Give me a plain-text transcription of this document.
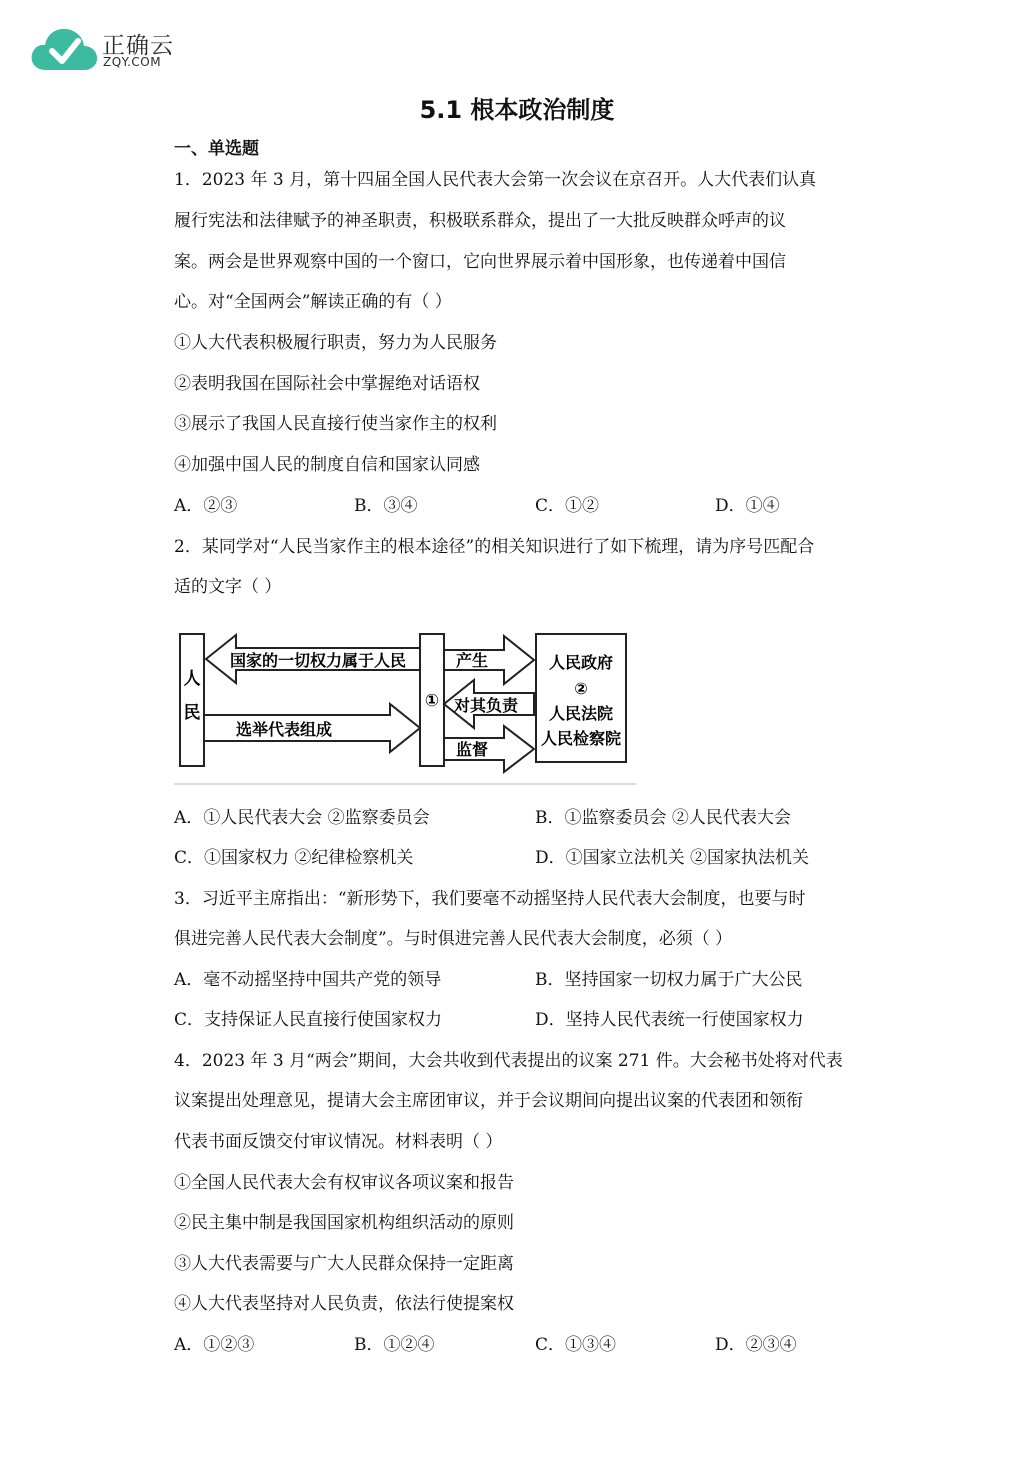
正确云
ZQY.COM
5.1 根本政治制度
一、单选题
1．2023 年 3 月，第十四届全国人民代表大会第一次会议在京召开。人大代表们认真
履行宪法和法律赋予的神圣职责，积极联系群众，提出了一大批反映群众呼声的议
案。两会是世界观察中国的一个窗口，它向世界展示着中国形象，也传递着中国信
心。对“全国两会”解读正确的有（ ）
①人大代表积极履行职责，努力为人民服务
②表明我国在国际社会中掌握绝对话语权
③展示了我国人民直接行使当家作主的权利
④加强中国人民的制度自信和国家认同感
A．②③	B．③④	C．①②	D．①④
2．某同学对“人民当家作主的根本途径”的相关知识进行了如下梳理，请为序号匹配合
适的文字（ ）
人
民
国家的一切权力属于人民
选举代表组成
①
产生
对其负责
监督
人民政府
②
人民法院
人民检察院
A．①人民代表大会 ②监察委员会	B．①监察委员会 ②人民代表大会
C．①国家权力 ②纪律检察机关	D．①国家立法机关 ②国家执法机关
3．习近平主席指出：“新形势下，我们要毫不动摇坚持人民代表大会制度，也要与时
俱进完善人民代表大会制度”。与时俱进完善人民代表大会制度，必须（ ）
A．毫不动摇坚持中国共产党的领导	B．坚持国家一切权力属于广大公民
C．支持保证人民直接行使国家权力	D．坚持人民代表统一行使国家权力
4．2023 年 3 月“两会”期间，大会共收到代表提出的议案 271 件。大会秘书处将对代表
议案提出处理意见，提请大会主席团审议，并于会议期间向提出议案的代表团和领衔
代表书面反馈交付审议情况。材料表明（ ）
①全国人民代表大会有权审议各项议案和报告
②民主集中制是我国国家机构组织活动的原则
③人大代表需要与广大人民群众保持一定距离
④人大代表坚持对人民负责，依法行使提案权
A．①②③	B．①②④	C．①③④	D．②③④
